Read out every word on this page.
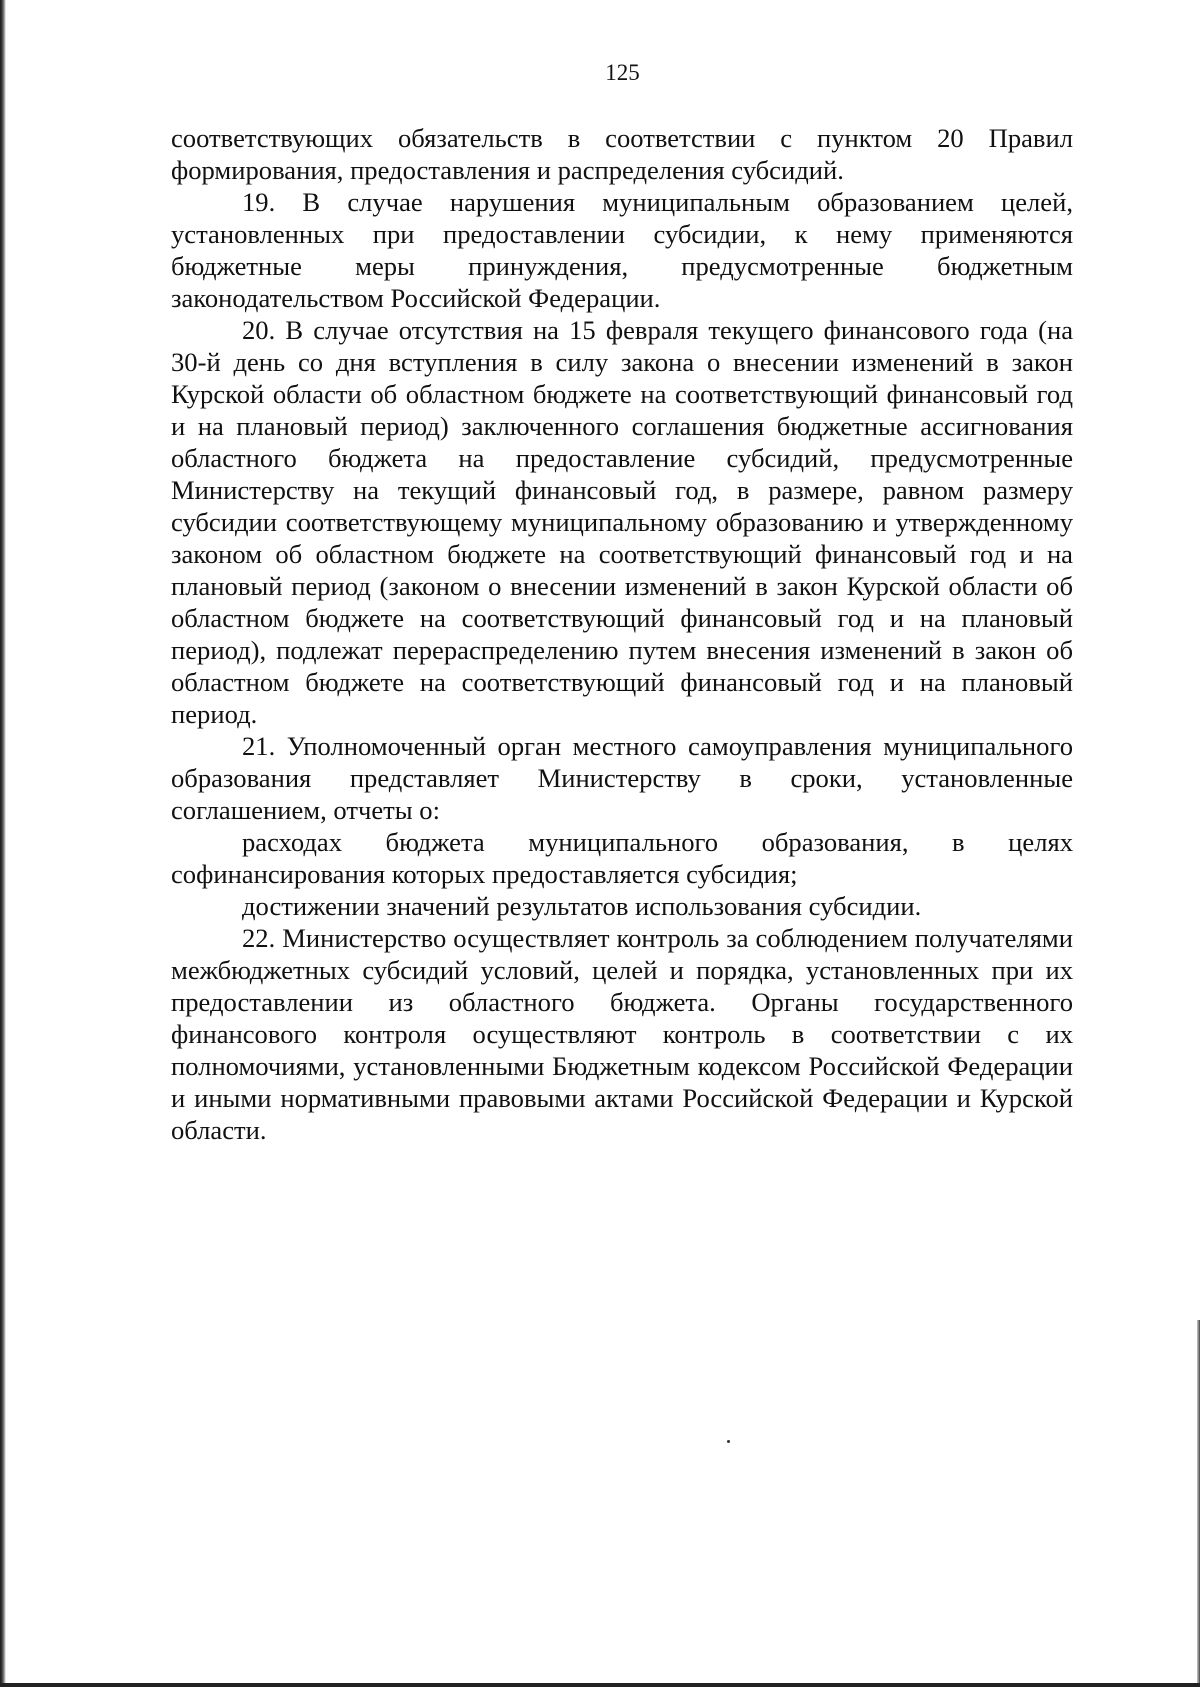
125

соответствующих обязательств в соответствии с пунктом 20 Правил формирования, предоставления и распределения субсидий.

19. В случае нарушения муниципальным образованием целей, установленных при предоставлении субсидии, к нему применяются бюджетные меры принуждения, предусмотренные бюджетным законодательством Российской Федерации.

20. В случае отсутствия на 15 февраля текущего финансового года (на 30-й день со дня вступления в силу закона о внесении изменений в закон Курской области об областном бюджете на соответствующий финансовый год и на плановый период) заключенного соглашения бюджетные ассигнования областного бюджета на предоставление субсидий, предусмотренные Министерству на текущий финансовый год, в размере, равном размеру субсидии соответствующему муниципальному образованию и утвержденному законом об областном бюджете на соответствующий финансовый год и на плановый период (законом о внесении изменений в закон Курской области об областном бюджете на соответствующий финансовый год и на плановый период), подлежат перераспределению путем внесения изменений в закон об областном бюджете на соответствующий финансовый год и на плановый период.

21. Уполномоченный орган местного самоуправления муниципального образования представляет Министерству в сроки, установленные соглашением, отчеты о:

расходах бюджета муниципального образования, в целях софинансирования которых предоставляется субсидия;

достижении значений результатов использования субсидии.

22. Министерство осуществляет контроль за соблюдением получателями межбюджетных субсидий условий, целей и порядка, установленных при их предоставлении из областного бюджета. Органы государственного финансового контроля осуществляют контроль в соответствии с их полномочиями, установленными Бюджетным кодексом Российской Федерации и иными нормативными правовыми актами Российской Федерации и Курской области.
